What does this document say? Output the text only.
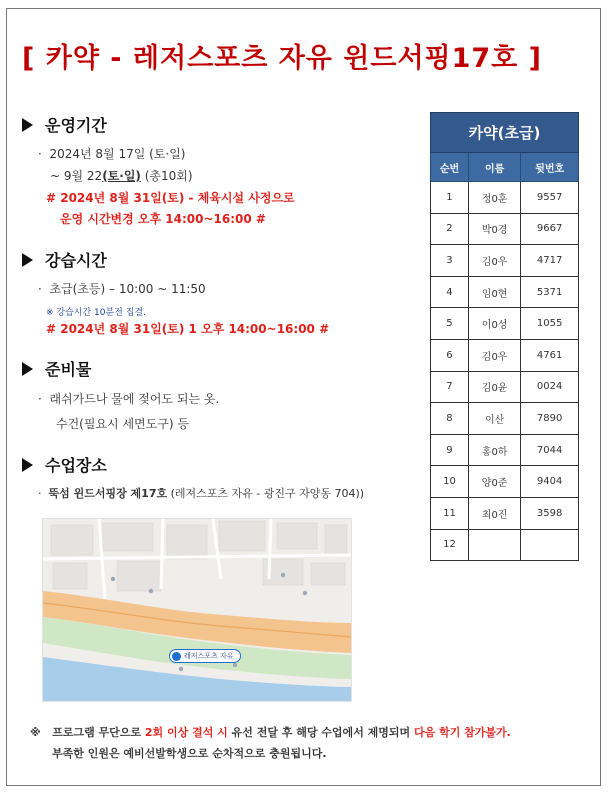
[ 카약 - 레저스포츠 자유 윈드서핑17호 ]
운영기간
· 2024년 8월 17일 (토·일)
~ 9월 22(토·일) (총10회)
# 2024년 8월 31일(토) - 체육시설 사정으로
운영 시간변경 오후 14:00~16:00 #
강습시간
· 초급(초등) – 10:00 ~ 11:50
※ 강습시간 10분전 집결.
# 2024년 8월 31일(토) 1 오후 14:00~16:00 #
준비물
· 래쉬가드나 물에 젖어도 되는 옷.
수건(필요시 세면도구) 등
수업장소
· 뚝섬 윈드서핑장 제17호 (레져스포츠 자유 - 광진구 자양동 704))
레저스포츠 자유
카약(초급)		
순번	이름	뒷번호
1	정0훈	9557
2	박0경	9667
3	김0우	4717
4	임0현	5371
5	이0성	1055
6	김0우	4761
7	김0윤	0024
8	이산	7890
9	홍0하	7044
10	양0준	9404
11	최0진	3598
12		
※ 프로그램 무단으로 2회 이상 결석 시 유선 전달 후 해당 수업에서 제명되며 다음 학기 참가불가.
부족한 인원은 예비선발학생으로 순차적으로 충원됩니다.
